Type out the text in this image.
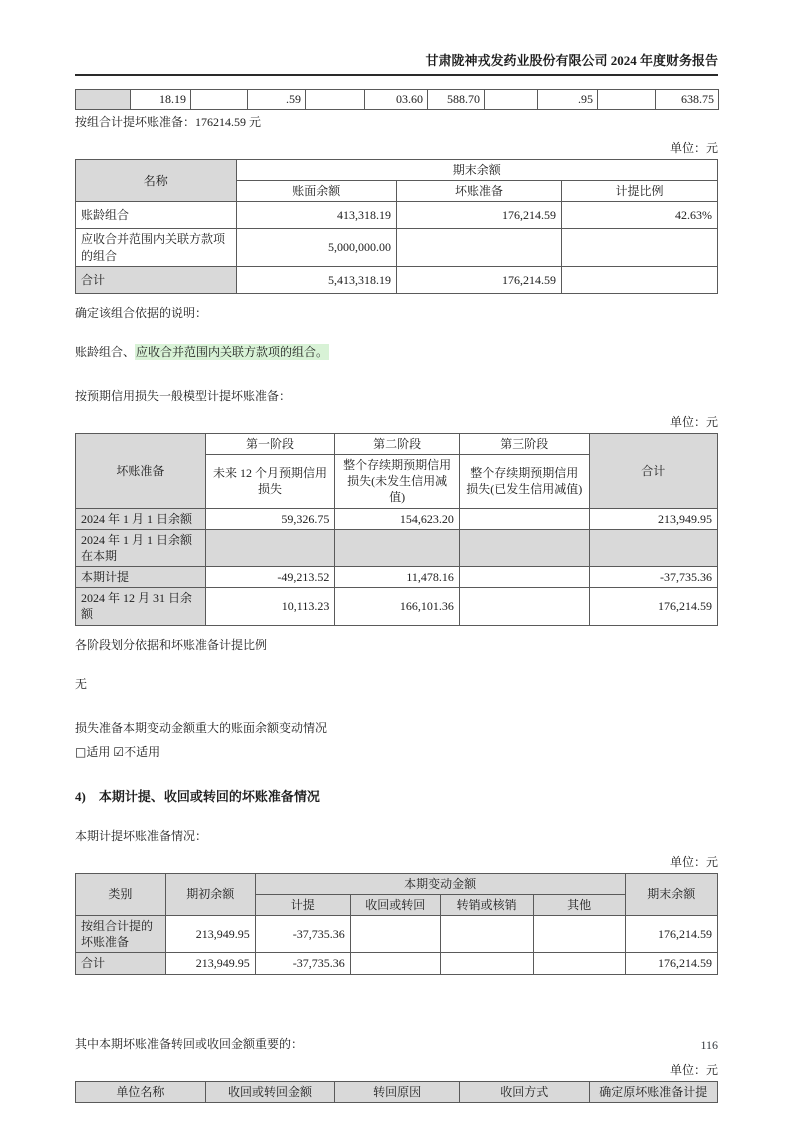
甘肃陇神戎发药业股份有限公司 2024 年度财务报告
	18.19		.59		03.60	588.70		.95		638.75
按组合计提坏账准备：176214.59 元
单位：元
名称	期末余额		
	账面余额	坏账准备	计提比例
账龄组合	413,318.19	176,214.59	42.63%
应收合并范围内关联方款项的组合	5,000,000.00		
合计	5,413,318.19	176,214.59	
确定该组合依据的说明：
账龄组合、应收合并范围内关联方款项的组合。
按预期信用损失一般模型计提坏账准备：
单位：元
坏账准备	第一阶段	第二阶段	第三阶段	合计
	未来 12 个月预期信用损失	整个存续期预期信用损失(未发生信用减值)	整个存续期预期信用损失(已发生信用减值)	
2024 年 1 月 1 日余额	59,326.75	154,623.20		213,949.95
2024 年 1 月 1 日余额在本期				
本期计提	-49,213.52	11,478.16		-37,735.36
2024 年 12 月 31 日余额	10,113.23	166,101.36		176,214.59
各阶段划分依据和坏账准备计提比例
无
损失准备本期变动金额重大的账面余额变动情况
□适用 ☑不适用
4)　本期计提、收回或转回的坏账准备情况
本期计提坏账准备情况：
单位：元
类别	期初余额	本期变动金额				期末余额
		计提	收回或转回	转销或核销	其他	
按组合计提的坏账准备	213,949.95	-37,735.36				176,214.59
合计	213,949.95	-37,735.36				176,214.59
其中本期坏账准备转回或收回金额重要的：
单位：元
单位名称	收回或转回金额	转回原因	收回方式	确定原坏账准备计提
116
